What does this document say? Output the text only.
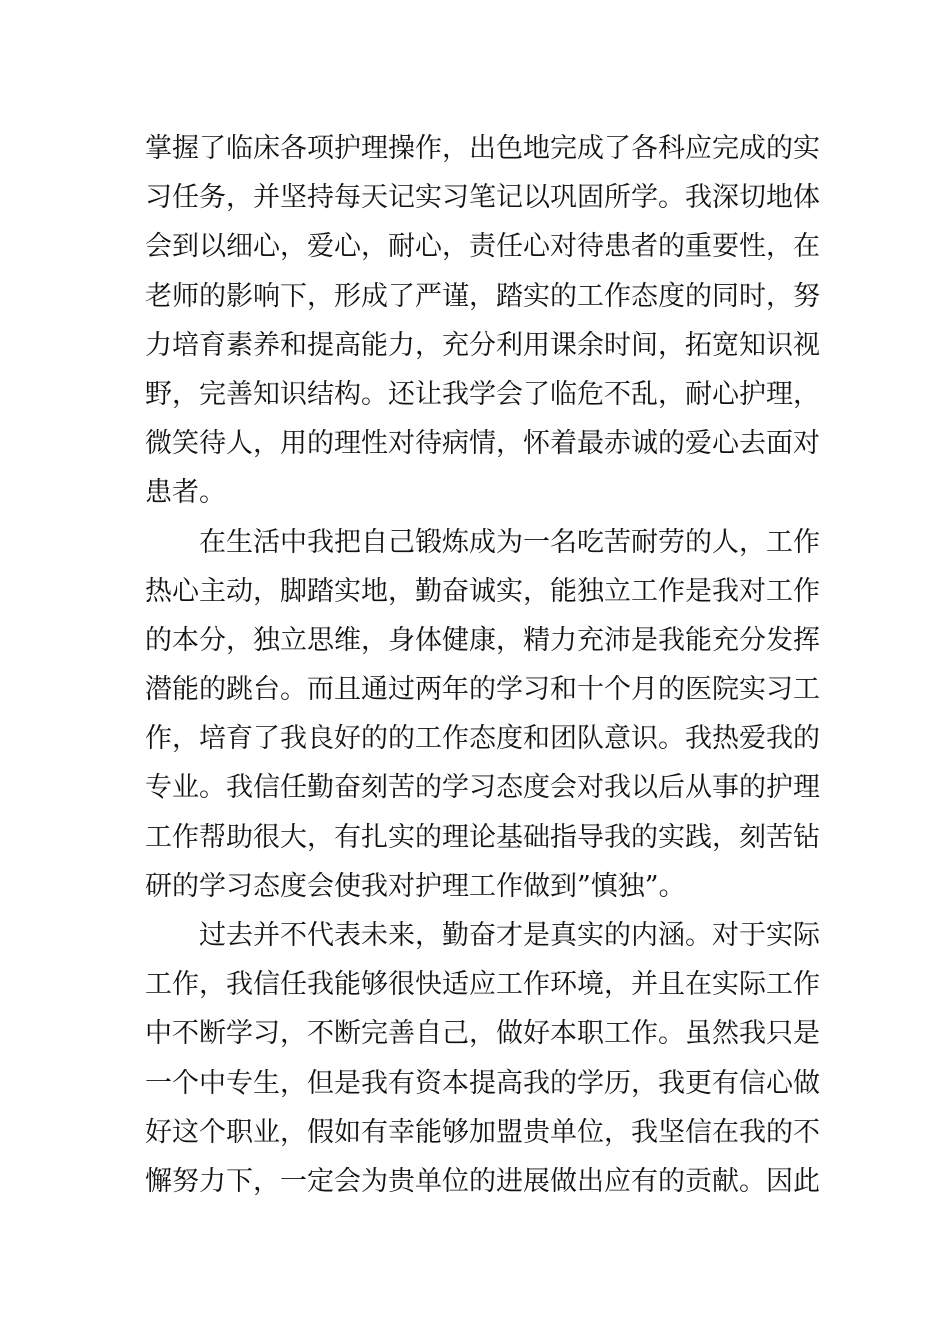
掌 握 了 临 床 各 项 护 理 操 作 ， 出 色 地 完 成 了 各 科 应 完 成 的 实
习 任 务 ， 并 坚 持 每 天 记 实 习 笔 记 以 巩 固 所 学 。 我 深 切 地 体
会 到 以 细 心 ， 爱 心 ， 耐 心 ， 责 任 心 对 待 患 者 的 重 要 性 ， 在
老 师 的 影 响 下 ， 形 成 了 严 谨 ， 踏 实 的 工 作 态 度 的 同 时 ， 努
力 培 育 素 养 和 提 高 能 力 ， 充 分 利 用 课 余 时 间 ， 拓 宽 知 识 视
野 ， 完 善 知 识 结 构 。 还 让 我 学 会 了 临 危 不 乱 ， 耐 心 护 理 ，
微 笑 待 人 ， 用 的 理 性 对 待 病 情 ， 怀 着 最 赤 诚 的 爱 心 去 面 对
患者。
在 生 活 中 我 把 自 己 锻 炼 成 为 一 名 吃 苦 耐 劳 的 人 ， 工 作
热 心 主 动 ， 脚 踏 实 地 ， 勤 奋 诚 实 ， 能 独 立 工 作 是 我 对 工 作
的 本 分 ， 独 立 思 维 ， 身 体 健 康 ， 精 力 充 沛 是 我 能 充 分 发 挥
潜 能 的 跳 台 。 而 且 通 过 两 年 的 学 习 和 十 个 月 的 医 院 实 习 工
作 ， 培 育 了 我 良 好 的 的 工 作 态 度 和 团 队 意 识 。 我 热 爱 我 的
专 业 。 我 信 任 勤 奋 刻 苦 的 学 习 态 度 会 对 我 以 后 从 事 的 护 理
工 作 帮 助 很 大 ， 有 扎 实 的 理 论 基 础 指 导 我 的 实 践 ， 刻 苦 钻
研的学习态度会使我对护理工作做到”慎独”。
过 去 并 不 代 表 未 来 ， 勤 奋 才 是 真 实 的 内 涵 。 对 于 实 际
工 作 ， 我 信 任 我 能 够 很 快 适 应 工 作 环 境 ， 并 且 在 实 际 工 作
中 不 断 学 习 ， 不 断 完 善 自 己 ， 做 好 本 职 工 作 。 虽 然 我 只 是
一 个 中 专 生 ， 但 是 我 有 资 本 提 高 我 的 学 历 ， 我 更 有 信 心 做
好 这 个 职 业 ， 假 如 有 幸 能 够 加 盟 贵 单 位 ， 我 坚 信 在 我 的 不
懈 努 力 下 ， 一 定 会 为 贵 单 位 的 进 展 做 出 应 有 的 贡 献 。 因 此
